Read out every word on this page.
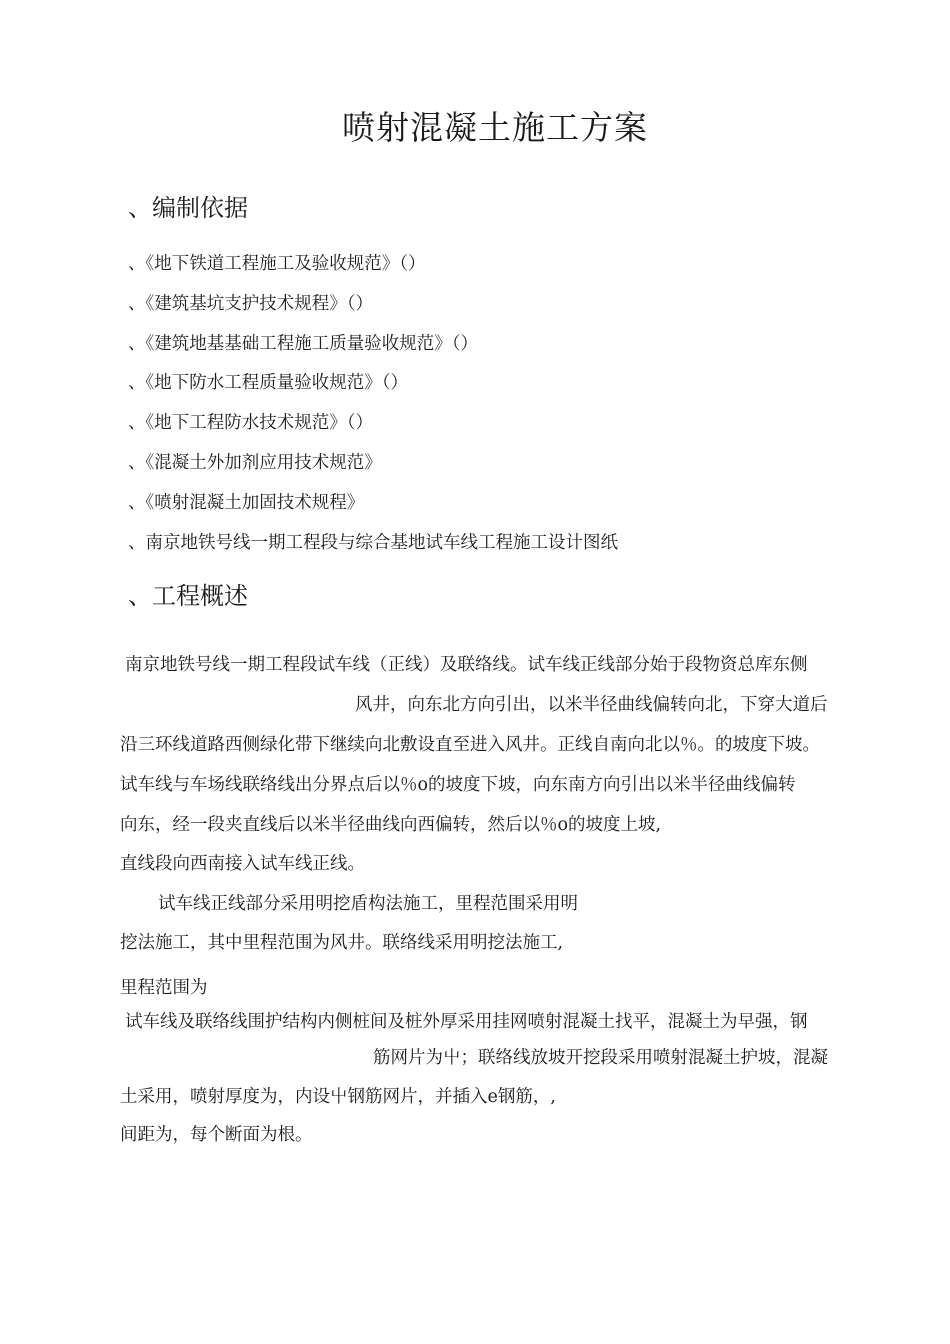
喷射混凝土施工方案
、编制依据
、《地下铁道工程施工及验收规范》（）
、《建筑基坑支护技术规程》（）
、《建筑地基基础工程施工质量验收规范》（）
、《地下防水工程质量验收规范》（）
、《地下工程防水技术规范》（）
、《混凝土外加剂应用技术规范》
、《喷射混凝土加固技术规程》
、南京地铁号线一期工程段与综合基地试车线工程施工设计图纸
、工程概述

南京地铁号线一期工程段试车线（正线）及联络线。试车线正线部分始于段物资总库东侧

风井，向东北方向引出，以米半径曲线偏转向北，下穿大道后

沿三环线道路西侧绿化带下继续向北敷设直至进入风井。正线自南向北以％。的坡度下坡。

试车线与车场线联络线出分界点后以％o的坡度下坡，向东南方向引出以米半径曲线偏转

向东，经一段夹直线后以米半径曲线向西偏转，然后以％o的坡度上坡,

直线段向西南接入试车线正线。

试车线正线部分采用明挖盾构法施工，里程范围采用明

挖法施工，其中里程范围为风井。联络线采用明挖法施工,

里程范围为

试车线及联络线围护结构内侧桩间及桩外厚采用挂网喷射混凝土找平，混凝土为早强，钢

筋网片为屮；联络线放坡开挖段采用喷射混凝土护坡，混凝

土采用，喷射厚度为，内设屮钢筋网片，并插入e钢筋，,

间距为，每个断面为根。
